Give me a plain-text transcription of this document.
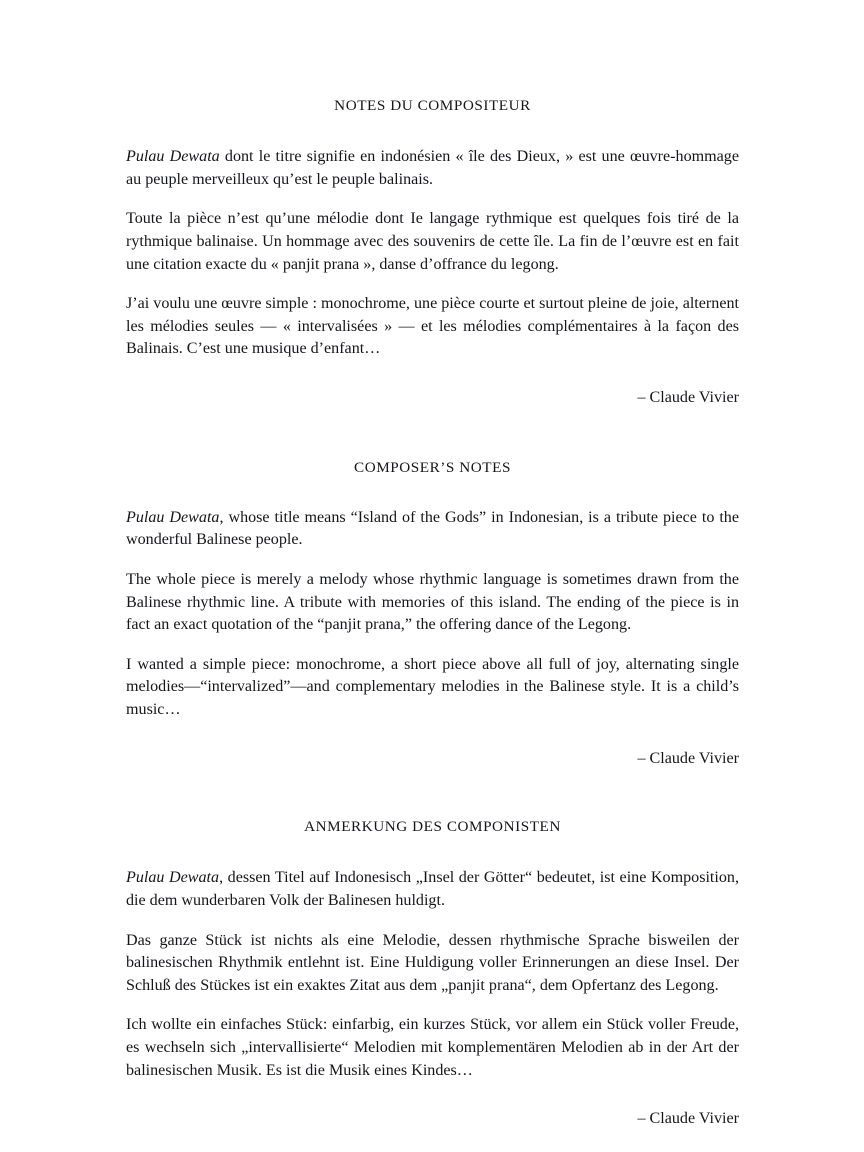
NOTES DU COMPOSITEUR

Pulau Dewata dont le titre signifie en indonésien « île des Dieux, » est une œuvre-hommage au peuple merveilleux qu’est le peuple balinais.

Toute la pièce n’est qu’une mélodie dont Ie langage rythmique est quelques fois tiré de la rythmique balinaise. Un hommage avec des souvenirs de cette île. La fin de l’œuvre est en fait une citation exacte du « panjit prana », danse d’offrance du legong.

J’ai voulu une œuvre simple : monochrome, une pièce courte et surtout pleine de joie, alternent les mélodies seules — « intervalisées » — et les mélodies complémentaires à la façon des Balinais. C’est une musique d’enfant…

– Claude Vivier

COMPOSER’S NOTES

Pulau Dewata, whose title means “Island of the Gods” in Indonesian, is a tribute piece to the wonderful Balinese people.

The whole piece is merely a melody whose rhythmic language is sometimes drawn from the Balinese rhythmic line. A tribute with memories of this island. The ending of the piece is in fact an exact quotation of the “panjit prana,” the offering dance of the Legong.

I wanted a simple piece: monochrome, a short piece above all full of joy, alternating single melodies—“intervalized”—and complementary melodies in the Balinese style. It is a child’s music…

– Claude Vivier

ANMERKUNG DES COMPONISTEN

Pulau Dewata, dessen Titel auf Indonesisch „Insel der Götter“ bedeutet, ist eine Komposition, die dem wunderbaren Volk der Balinesen huldigt.

Das ganze Stück ist nichts als eine Melodie, dessen rhythmische Sprache bisweilen der balinesischen Rhythmik entlehnt ist. Eine Huldigung voller Erinnerungen an diese Insel. Der Schluß des Stückes ist ein exaktes Zitat aus dem „panjit prana“, dem Opfertanz des Legong.

Ich wollte ein einfaches Stück: einfarbig, ein kurzes Stück, vor allem ein Stück voller Freude, es wechseln sich „intervallisierte“ Melodien mit komplementären Melodien ab in der Art der balinesischen Musik. Es ist die Musik eines Kindes…

– Claude Vivier
